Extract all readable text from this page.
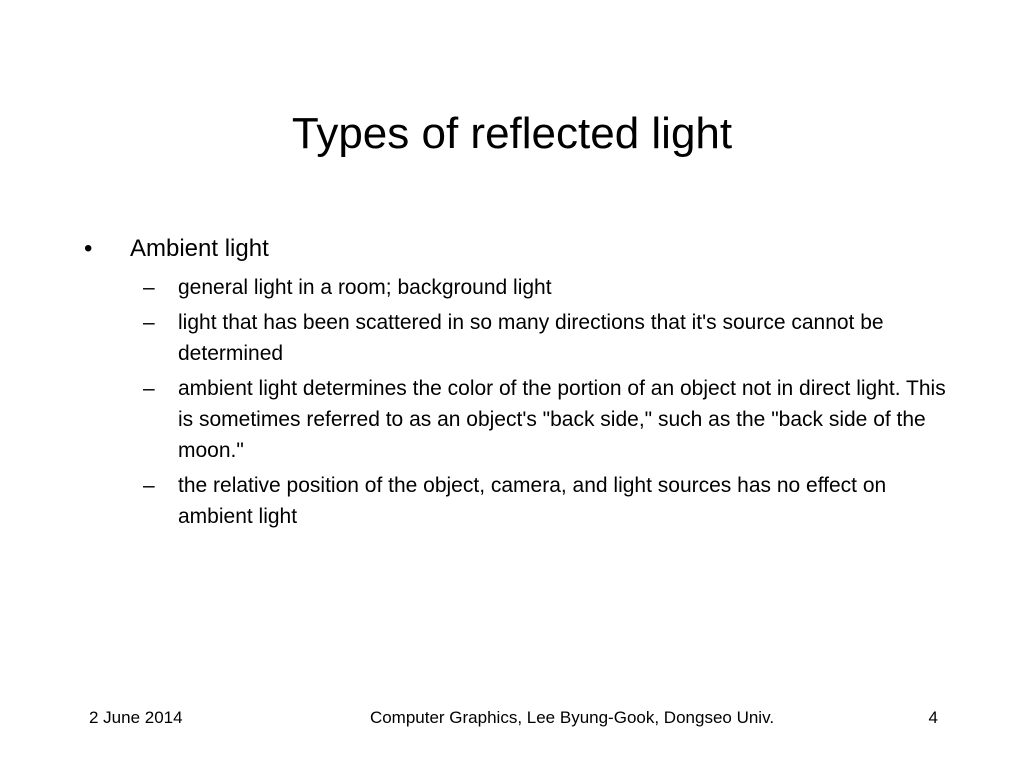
Types of reflected light
• Ambient light
– general light in a room; background light
– light that has been scattered in so many directions that it's source cannot be determined
– ambient light determines the color of the portion of an object not in direct light. This is sometimes referred to as an object's "back side," such as the "back side of the moon."
– the relative position of the object, camera, and light sources has no effect on ambient light
2 June 2014	Computer Graphics, Lee Byung-Gook, Dongseo Univ.	4
